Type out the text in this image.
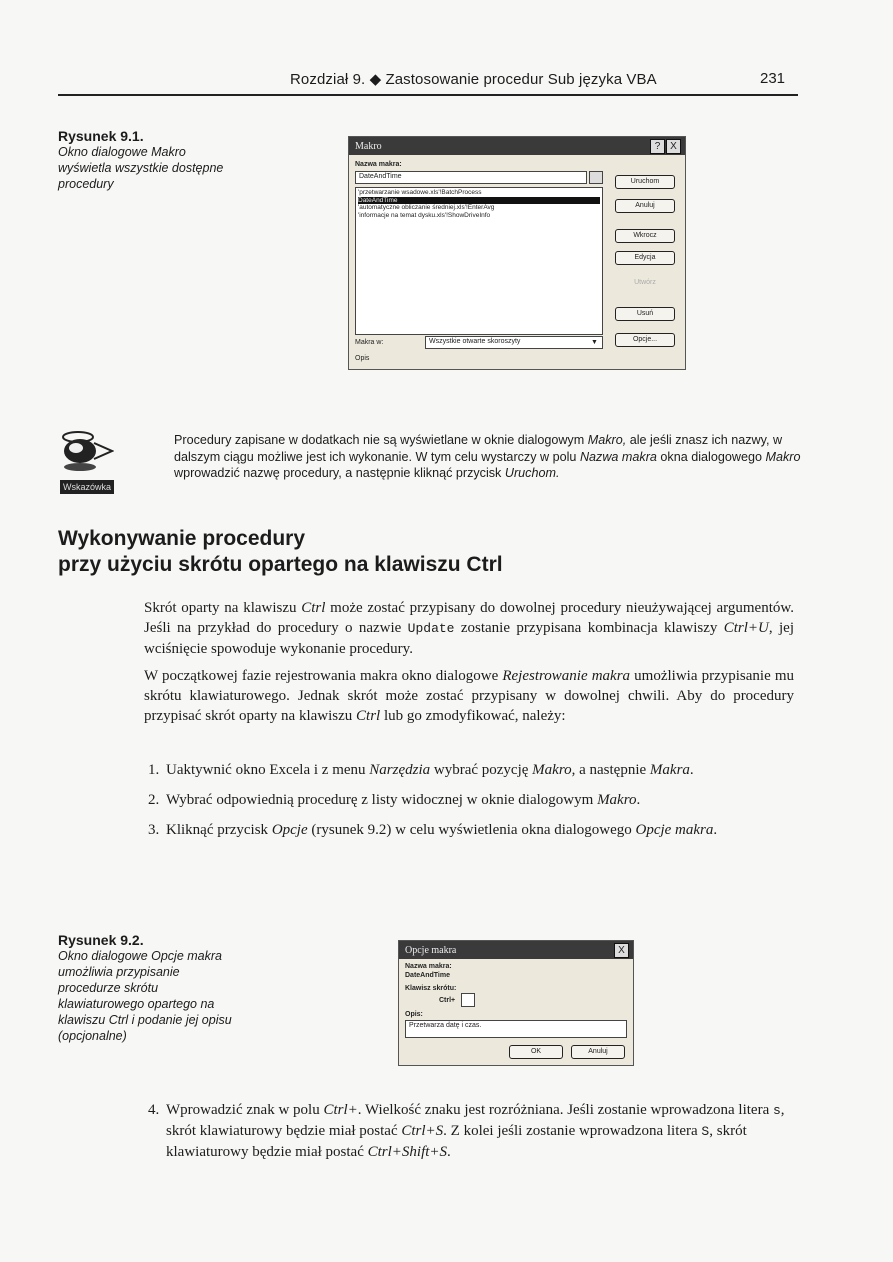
Rozdział 9. ◆ Zastosowanie procedur Sub języka VBA	231
Rysunek 9.1.
Okno dialogowe Makro wyświetla wszystkie dostępne procedury
Makro	? X
Nazwa makra:
DateAndTime
'przetwarzanie wsadowe.xls'!BatchProcess
DateAndTime
'automatyczne obliczanie średniej.xls'!EnterAvg
'informacje na temat dysku.xls'!ShowDriveInfo
Uruchom
Anuluj
Wkrocz
Edycja
Utwórz
Usuń
Opcje...
Makra w:	Wszystkie otwarte skoroszyty	▼
Opis
Wskazówka
Procedury zapisane w dodatkach nie są wyświetlane w oknie dialogowym Makro, ale jeśli znasz ich nazwy, w dalszym ciągu możliwe jest ich wykonanie. W tym celu wystarczy w polu Nazwa makra okna dialogowego Makro wprowadzić nazwę procedury, a następnie kliknąć przycisk Uruchom.
Wykonywanie procedury
przy użyciu skrótu opartego na klawiszu Ctrl
Skrót oparty na klawiszu Ctrl może zostać przypisany do dowolnej procedury nieużywającej argumentów. Jeśli na przykład do procedury o nazwie Update zostanie przypisana kombinacja klawiszy Ctrl+U, jej wciśnięcie spowoduje wykonanie procedury.
W początkowej fazie rejestrowania makra okno dialogowe Rejestrowanie makra umożliwia przypisanie mu skrótu klawiaturowego. Jednak skrót może zostać przypisany w dowolnej chwili. Aby do procedury przypisać skrót oparty na klawiszu Ctrl lub go zmodyfikować, należy:
1. Uaktywnić okno Excela i z menu Narzędzia wybrać pozycję Makro, a następnie Makra.
2. Wybrać odpowiednią procedurę z listy widocznej w oknie dialogowym Makro.
3. Kliknąć przycisk Opcje (rysunek 9.2) w celu wyświetlenia okna dialogowego Opcje makra.
Rysunek 9.2.
Okno dialogowe Opcje makra umożliwia przypisanie procedurze skrótu klawiaturowego opartego na klawiszu Ctrl i podanie jej opisu (opcjonalne)
Opcje makra	X
Nazwa makra:
DateAndTime
Klawisz skrótu:
Ctrl+
Opis:
Przetwarza datę i czas.
OK	Anuluj
4. Wprowadzić znak w polu Ctrl+. Wielkość znaku jest rozróżniana. Jeśli zostanie wprowadzona litera s, skrót klawiaturowy będzie miał postać Ctrl+S. Z kolei jeśli zostanie wprowadzona litera S, skrót klawiaturowy będzie miał postać Ctrl+Shift+S.
